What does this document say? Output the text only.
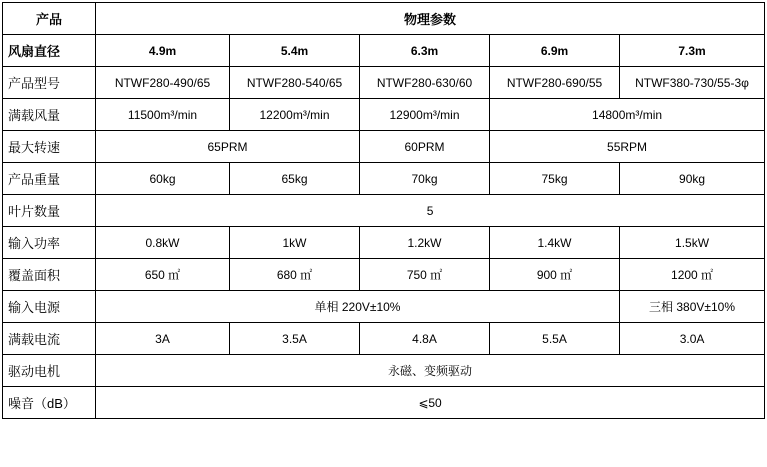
产品	物理参数				
风扇直径	4.9m	5.4m	6.3m	6.9m	7.3m
产品型号	NTWF280-490/65	NTWF280-540/65	NTWF280-630/60	NTWF280-690/55	NTWF380-730/55-3φ
满载风量	11500m³/min	12200m³/min	12900m³/min	14800m³/min	
最大转速	65PRM		60PRM	55RPM	
产品重量	60kg	65kg	70kg	75kg	90kg
叶片数量	5				
输入功率	0.8kW	1kW	1.2kW	1.4kW	1.5kW
覆盖面积	650 ㎡	680 ㎡	750 ㎡	900 ㎡	1200 ㎡
输入电源	单相 220V±10%				三相 380V±10%
满载电流	3A	3.5A	4.8A	5.5A	3.0A
驱动电机	永磁、变频驱动				
噪音（dB）	⩽50				
